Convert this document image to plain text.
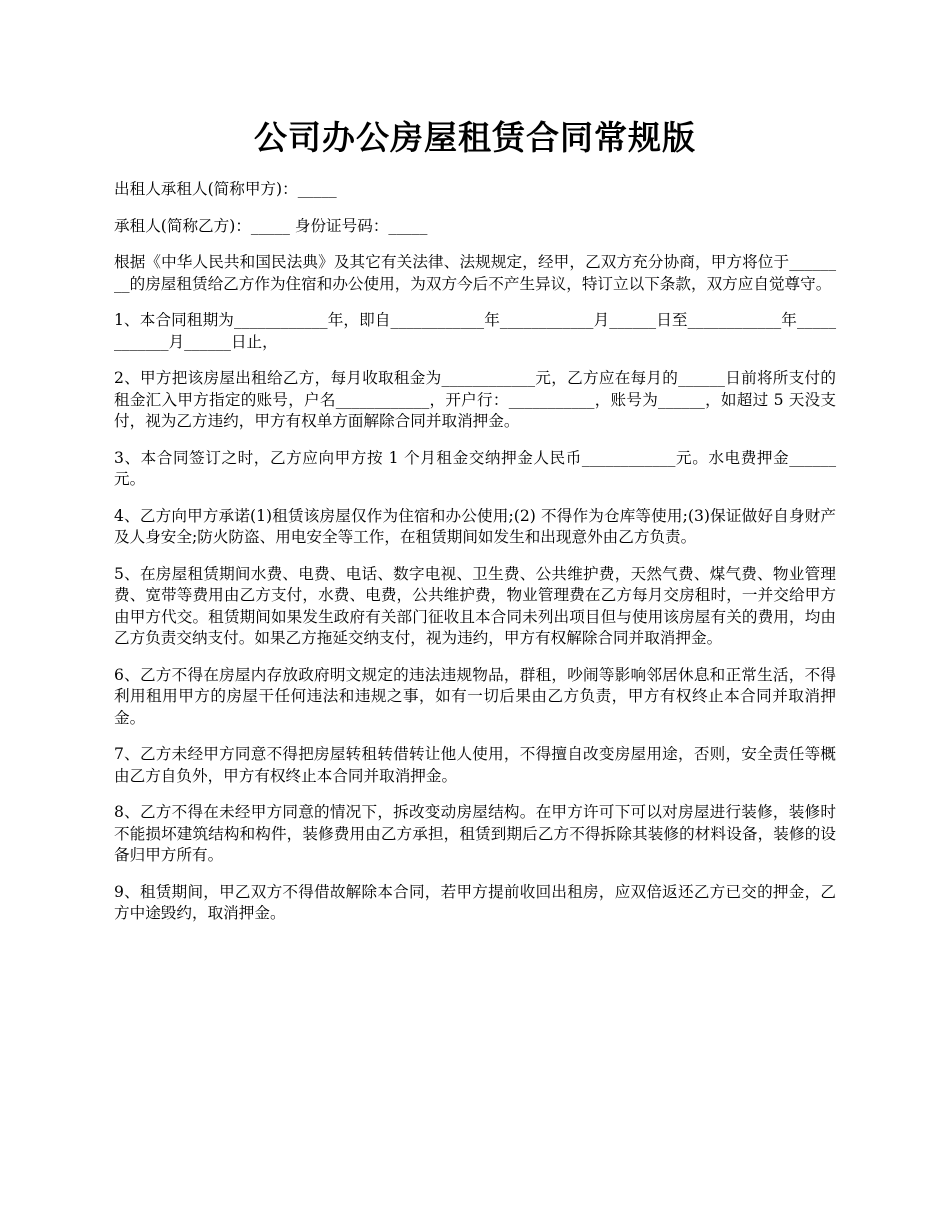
公司办公房屋租赁合同常规版

出租人承租人(简称甲方)：_____

承租人(简称乙方)：_____ 身份证号码：_____

根据《中华人民共和国民法典》及其它有关法律、法规规定，经甲，乙双方充分协商，甲方将位于________的房屋租赁给乙方作为住宿和办公使用，为双方今后不产生异议，特订立以下条款，双方应自觉尊守。

1、本合同租期为____________年，即自____________年____________月______日至____________年____________月______日止，

2、甲方把该房屋出租给乙方，每月收取租金为____________元，乙方应在每月的______日前将所支付的租金汇入甲方指定的账号，户名____________，开户行：___________，账号为______，如超过 5 天没支付，视为乙方违约，甲方有权单方面解除合同并取消押金。

3、本合同签订之时，乙方应向甲方按 1 个月租金交纳押金人民币____________元。水电费押金______元。

4、乙方向甲方承诺(1)租赁该房屋仅作为住宿和办公使用;(2) 不得作为仓库等使用;(3)保证做好自身财产及人身安全;防火防盗、用电安全等工作，在租赁期间如发生和出现意外由乙方负责。

5、在房屋租赁期间水费、电费、电话、数字电视、卫生费、公共维护费，天然气费、煤气费、物业管理费、宽带等费用由乙方支付，水费、电费，公共维护费，物业管理费在乙方每月交房租时，一并交给甲方由甲方代交。租赁期间如果发生政府有关部门征收且本合同未列出项目但与使用该房屋有关的费用，均由乙方负责交纳支付。如果乙方拖延交纳支付，视为违约，甲方有权解除合同并取消押金。

6、乙方不得在房屋内存放政府明文规定的违法违规物品，群租，吵闹等影响邻居休息和正常生活，不得利用租用甲方的房屋干任何违法和违规之事，如有一切后果由乙方负责，甲方有权终止本合同并取消押金。

7、乙方未经甲方同意不得把房屋转租转借转让他人使用，不得擅自改变房屋用途，否则，安全责任等概由乙方自负外，甲方有权终止本合同并取消押金。

8、乙方不得在未经甲方同意的情况下，拆改变动房屋结构。在甲方许可下可以对房屋进行装修，装修时不能损坏建筑结构和构件，装修费用由乙方承担，租赁到期后乙方不得拆除其装修的材料设备，装修的设备归甲方所有。

9、租赁期间，甲乙双方不得借故解除本合同，若甲方提前收回出租房，应双倍返还乙方已交的押金，乙方中途毁约，取消押金。
